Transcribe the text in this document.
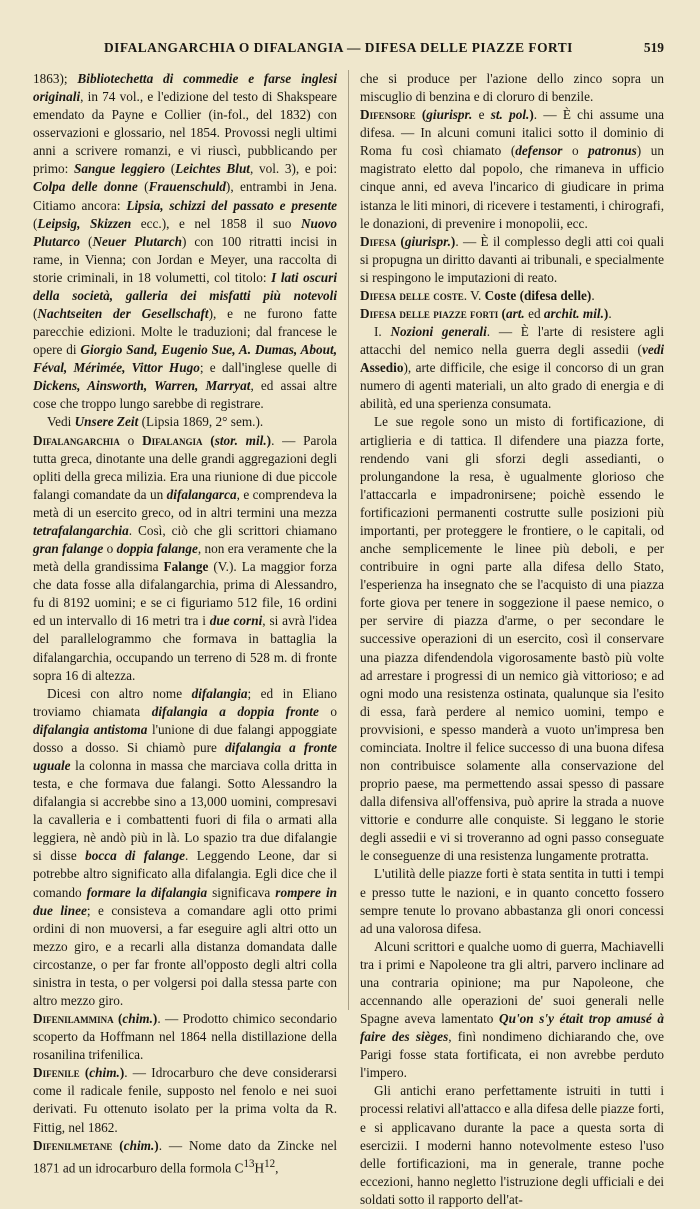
DIFALANGARCHIA O DIFALANGIA — DIFESA DELLE PIAZZE FORTI	519

1863); Bibliotechetta di commedie e farse inglesi originali, in 74 vol., e l'edizione del testo di Shakspeare emendato da Payne e Collier (in-fol., del 1832) con osservazioni e glossario, nel 1854. Provossi negli ultimi anni a scrivere romanzi, e vi riuscì, pubblicando per primo: Sangue leggiero (Leichtes Blut, vol. 3), e poi: Colpa delle donne (Frauenschuld), entrambi in Jena. Citiamo ancora: Lipsia, schizzi del passato e presente (Leipsig, Skizzen ecc.), e nel 1858 il suo Nuovo Plutarco (Neuer Plutarch) con 100 ritratti incisi in rame, in Vienna; con Jordan e Meyer, una raccolta di storie criminali, in 18 volumetti, col titolo: I lati oscuri della società, galleria dei misfatti più notevoli (Nachtseiten der Gesellschaft), e ne furono fatte parecchie edizioni. Molte le traduzioni; dal francese le opere di Giorgio Sand, Eugenio Sue, A. Dumas, About, Féval, Mérimée, Vittor Hugo; e dall'inglese quelle di Dickens, Ainsworth, Warren, Marryat, ed assai altre cose che troppo lungo sarebbe di registrare.

Vedi Unsere Zeit (Lipsia 1869, 2° sem.).

Difalangarchia o Difalangia (stor. mil.). — Parola tutta greca, dinotante una delle grandi aggregazioni degli opliti della greca milizia. Era una riunione di due piccole falangi comandate da un difalangarca, e comprendeva la metà di un esercito greco, od in altri termini una mezza tetrafalangarchia. Così, ciò che gli scrittori chiamano gran falange o doppia falange, non era veramente che la metà della grandissima Falange (V.). La maggior forza che data fosse alla difalangarchia, prima di Alessandro, fu di 8192 uomini; e se ci figuriamo 512 file, 16 ordini ed un intervallo di 16 metri tra i due corni, si avrà l'idea del parallelogrammo che formava in battaglia la difalangarchia, occupando un terreno di 528 m. di fronte sopra 16 di altezza.

Dicesi con altro nome difalangia; ed in Eliano troviamo chiamata difalangia a doppia fronte o difalangia antistoma l'unione di due falangi appoggiate dosso a dosso. Si chiamò pure difalangia a fronte uguale la colonna in massa che marciava colla dritta in testa, e che formava due falangi. Sotto Alessandro la difalangia si accrebbe sino a 13,000 uomini, compresavi la cavalleria e i combattenti fuori di fila o armati alla leggiera, nè andò più in là. Lo spazio tra due difalangie si disse bocca di falange. Leggendo Leone, dar si potrebbe altro significato alla difalangia. Egli dice che il comando formare la difalangia significava rompere in due linee; e consisteva a comandare agli otto primi ordini di non muoversi, a far eseguire agli altri otto un mezzo giro, e a recarli alla distanza domandata dalle circostanze, o per far fronte all'opposto degli altri colla sinistra in testa, o per volgersi poi dalla stessa parte con altro mezzo giro.

Difenilammina (chim.). — Prodotto chimico secondario scoperto da Hoffmann nel 1864 nella distillazione della rosanilina trifenilica.

Difenile (chim.). — Idrocarburo che deve considerarsi come il radicale fenile, supposto nel fenolo e nei suoi derivati. Fu ottenuto isolato per la prima volta da R. Fittig, nel 1862.

Difenilmetane (chim.). — Nome dato da Zincke nel 1871 ad un idrocarburo della formola $C^{13}H^{12}$,

che si produce per l'azione dello zinco sopra un miscuglio di benzina e di cloruro di benzile.

Difensore (giurispr. e st. pol.). — È chi assume una difesa. — In alcuni comuni italici sotto il dominio di Roma fu così chiamato (defensor o patronus) un magistrato eletto dal popolo, che rimaneva in ufficio cinque anni, ed aveva l'incarico di giudicare in prima istanza le liti minori, di ricevere i testamenti, i chirografi, le donazioni, di prevenire i monopolii, ecc.

Difesa (giurispr.). — È il complesso degli atti coi quali si propugna un diritto davanti ai tribunali, e specialmente si respingono le imputazioni di reato.

Difesa delle coste. V. Coste (difesa delle).

Difesa delle piazze forti (art. ed archit. mil.).

I. Nozioni generali. — È l'arte di resistere agli attacchi del nemico nella guerra degli assedii (vedi Assedio), arte difficile, che esige il concorso di un gran numero di agenti materiali, un alto grado di energia e di abilità, ed una sperienza consumata.

Le sue regole sono un misto di fortificazione, di artiglieria e di tattica. Il difendere una piazza forte, rendendo vani gli sforzi degli assedianti, o prolungandone la resa, è ugualmente glorioso che l'attaccarla e impadronirsene; poichè essendo le fortificazioni permanenti costrutte sulle posizioni più importanti, per proteggere le frontiere, o le capitali, od anche semplicemente le linee più deboli, e per contribuire in ogni parte alla difesa dello Stato, l'esperienza ha insegnato che se l'acquisto di una piazza forte giova per tenere in soggezione il paese nemico, o per servire di piazza d'arme, o per secondare le successive operazioni di un esercito, così il conservare una piazza difendendola vigorosamente bastò più volte ad arrestare i progressi di un nemico già vittorioso; e ad ogni modo una resistenza ostinata, qualunque sia l'esito di essa, farà perdere al nemico uomini, tempo e provvisioni, e spesso manderà a vuoto un'impresa ben cominciata. Inoltre il felice successo di una buona difesa non contribuisce solamente alla conservazione del proprio paese, ma permettendo assai spesso di passare dalla difensiva all'offensiva, può aprire la strada a nuove vittorie e condurre alle conquiste. Si leggano le storie degli assedii e vi si troveranno ad ogni passo conseguate le conseguenze di una resistenza lungamente protratta.

L'utilità delle piazze forti è stata sentita in tutti i tempi e presso tutte le nazioni, e in quanto concetto fossero sempre tenute lo provano abbastanza gli onori concessi ad una valorosa difesa.

Alcuni scrittori e qualche uomo di guerra, Machiavelli tra i primi e Napoleone tra gli altri, parvero inclinare ad una contraria opinione; ma pur Napoleone, che accennando alle operazioni de' suoi generali nelle Spagne aveva lamentato Qu'on s'y était trop amusé à faire des sièges, finì nondimeno dichiarando che, ove Parigi fosse stata fortificata, ei non avrebbe perduto l'impero.

Gli antichi erano perfettamente istruiti in tutti i processi relativi all'attacco e alla difesa delle piazze forti, e si applicavano durante la pace a questa sorta di esercizii. I moderni hanno notevolmente esteso l'uso delle fortificazioni, ma in generale, tranne poche eccezioni, hanno negletto l'istruzione degli ufficiali e dei soldati sotto il rapporto dell'at-
